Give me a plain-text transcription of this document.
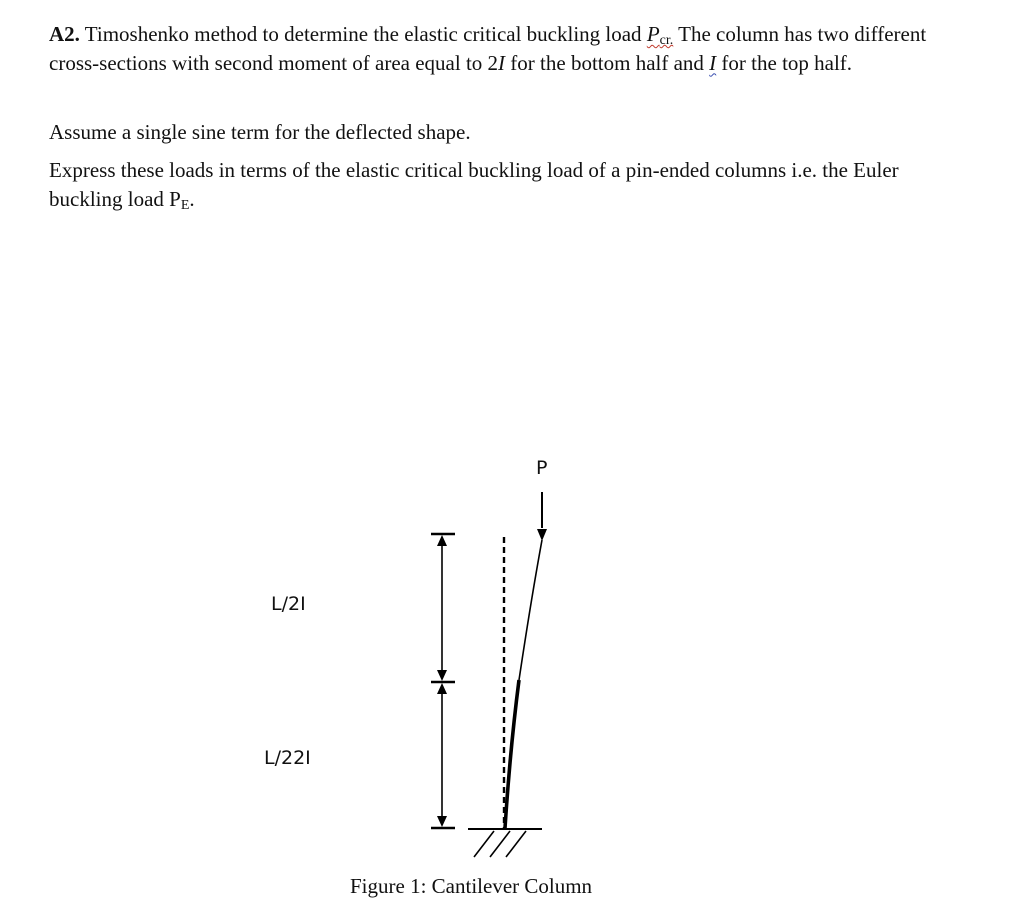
A2. Timoshenko method to determine the elastic critical buckling load $P_{cr.}$ The column has two different cross-sections with second moment of area equal to 2I for the bottom half and I for the top half.

Assume a single sine term for the deflected shape.

Express these loads in terms of the elastic critical buckling load of a pin-ended columns i.e. the Euler buckling load $P_E$.

P
L/2I
L/22I
Figure 1: Cantilever Column
